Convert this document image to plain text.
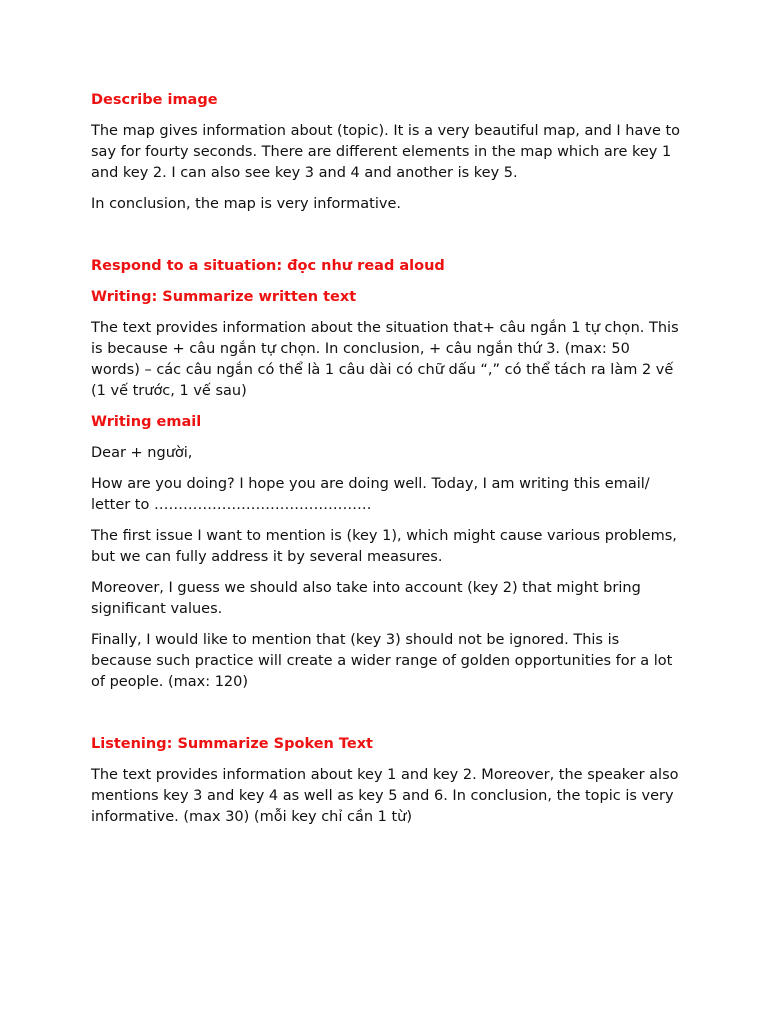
Describe image
The map gives information about (topic). It is a very beautiful map, and I have to say for fourty seconds. There are different elements in the map which are key 1 and key 2. I can also see key 3 and 4 and another is key 5.
In conclusion, the map is very informative.
Respond to a situation: đọc như read aloud
Writing: Summarize written text
The text provides information about the situation that+ câu ngắn 1 tự chọn. This is because + câu ngắn tự chọn. In conclusion, + câu ngắn thứ 3. (max: 50 words) – các câu ngắn có thể là 1 câu dài có chữ dấu “,” có thể tách ra làm 2 vế (1 vế trước, 1 vế sau)
Writing email
Dear + người,
How are you doing? I hope you are doing well. Today, I am writing this email/ letter to ………………………………………
The first issue I want to mention is (key 1), which might cause various problems, but we can fully address it by several measures.
Moreover, I guess we should also take into account (key 2) that might bring significant values.
Finally, I would like to mention that (key 3) should not be ignored. This is because such practice will create a wider range of golden opportunities for a lot of people. (max: 120)
Listening: Summarize Spoken Text
The text provides information about key 1 and key 2. Moreover, the speaker also mentions key 3 and key 4 as well as key 5 and 6. In conclusion, the topic is very informative. (max 30) (mỗi key chỉ cần 1 từ)
